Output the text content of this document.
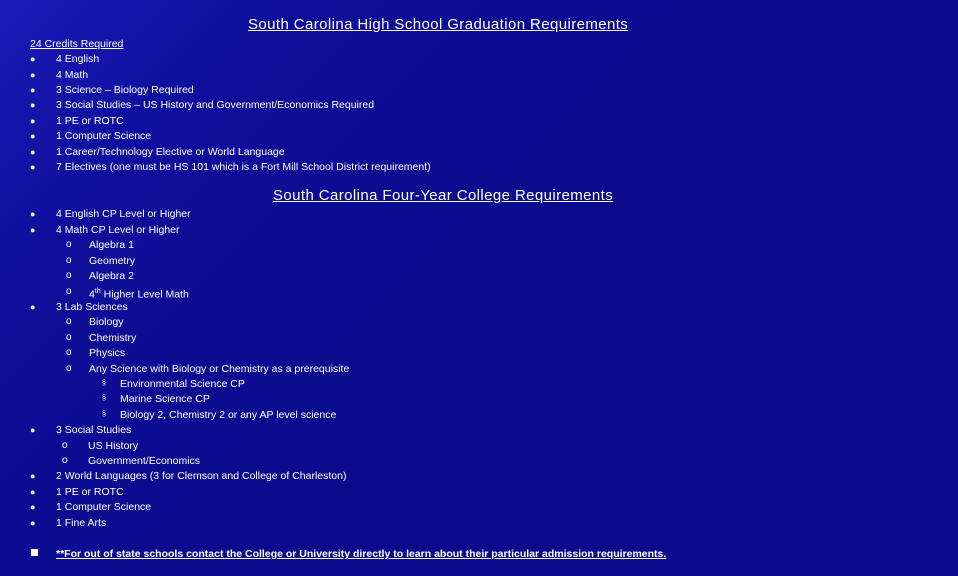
South Carolina High School Graduation Requirements
24 Credits Required
● 4 English
● 4 Math
● 3 Science – Biology Required
● 3 Social Studies – US History and Government/Economics Required
● 1 PE or ROTC
● 1 Computer Science
● 1 Career/Technology Elective or World Language
● 7 Electives (one must be HS 101 which is a Fort Mill School District requirement)
South Carolina Four-Year College Requirements
● 4 English CP Level or Higher
● 4 Math CP Level or Higher
o Algebra 1
o Geometry
o Algebra 2
o 4th Higher Level Math
● 3 Lab Sciences
o Biology
o Chemistry
o Physics
o Any Science with Biology or Chemistry as a prerequisite
§ Environmental Science CP
§ Marine Science CP
§ Biology 2, Chemistry 2 or any AP level science
● 3 Social Studies
o US History
o Government/Economics
● 2 World Languages (3 for Clemson and College of Charleston)
● 1 PE or ROTC
● 1 Computer Science
● 1 Fine Arts
**For out of state schools contact the College or University directly to learn about their particular admission requirements.
